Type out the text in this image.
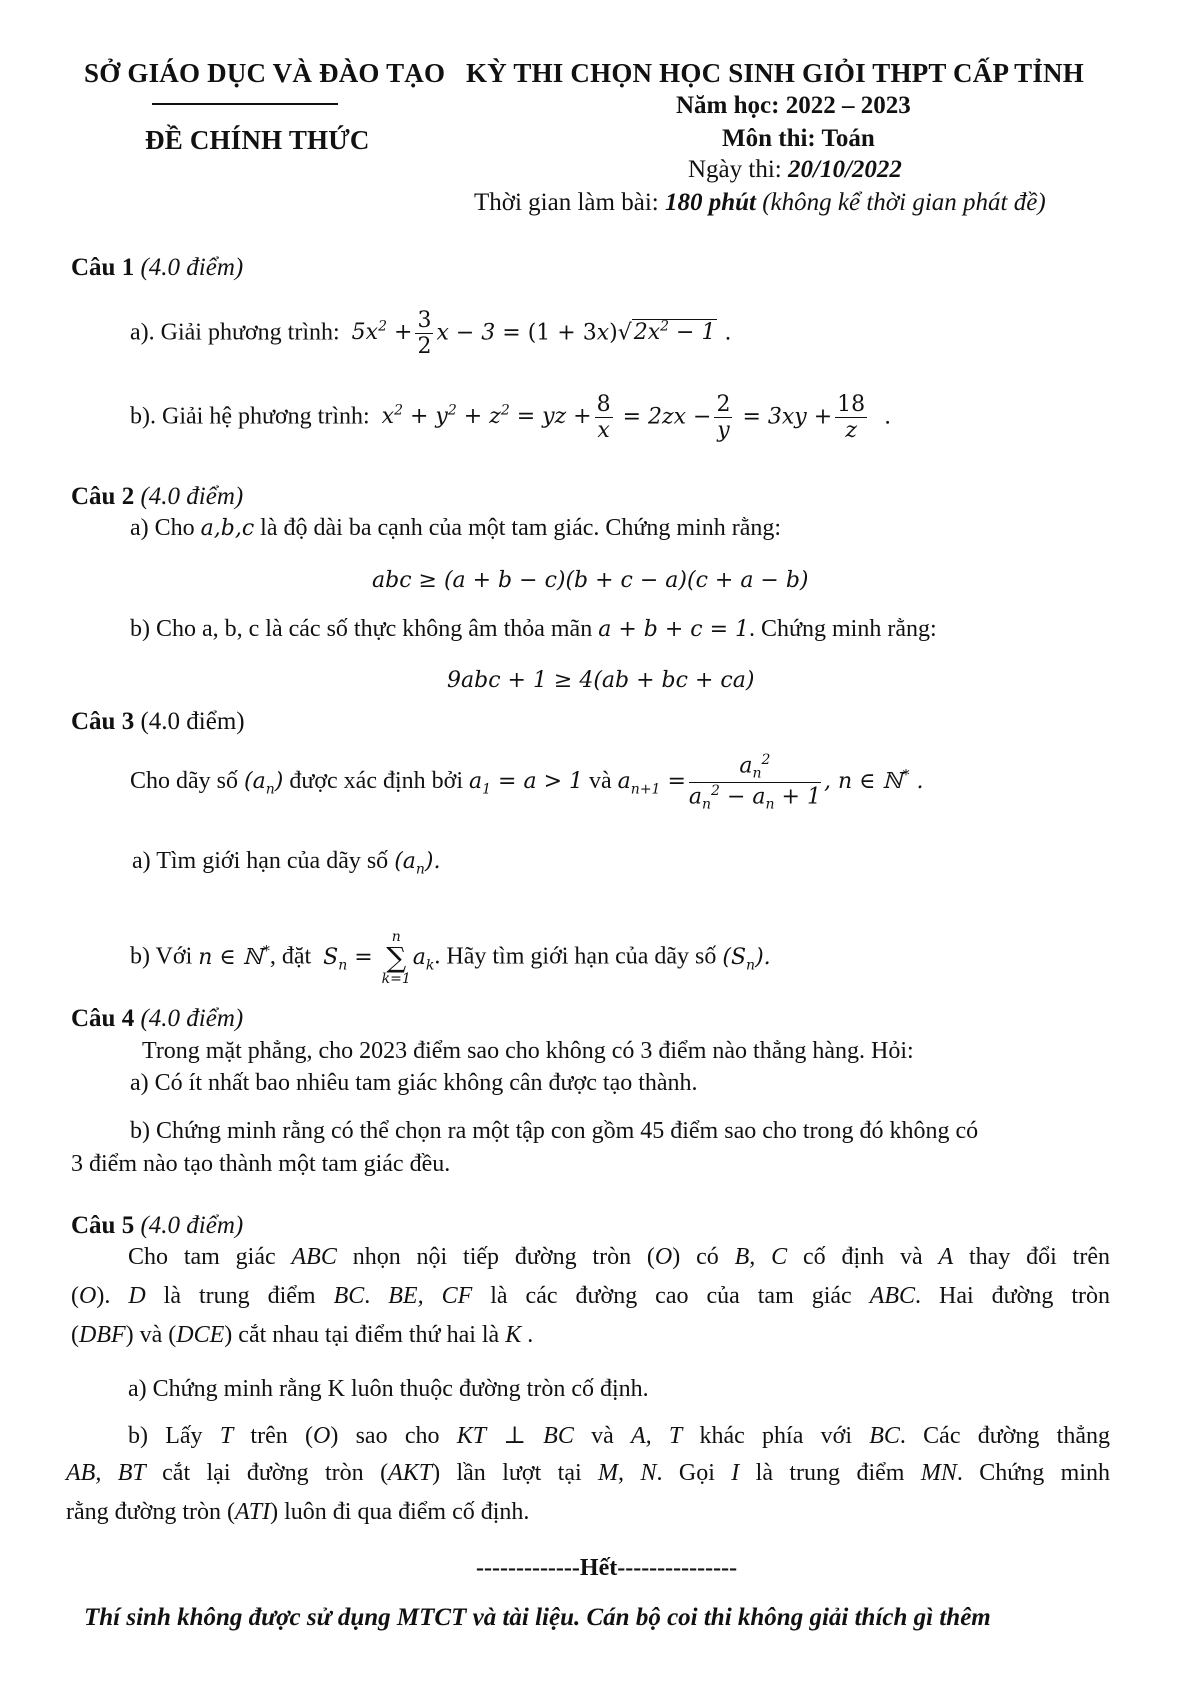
SỞ GIÁO DỤC VÀ ĐÀO TẠO KỲ THI CHỌN HỌC SINH GIỎI THPT CẤP TỈNH
Năm học: 2022 – 2023
ĐỀ CHÍNH THỨC	Môn thi: Toán
Ngày thi: 20/10/2022
Thời gian làm bài: 180 phút (không kể thời gian phát đề)
Câu 1 (4.0 điểm)
a). Giải phương trình: $5x^2 + \frac{3}{2}$ $x - 3 = (1 + 3x)√2x^2 - 1$ .
b). Giải hệ phương trình: $x^2 + y^2 + z^2$ = yz + $\frac{8}{x} = 2zx - \frac{2}{y} = 3xy + \frac{18}{z}$ .
Câu 2 (4.0 điểm)
a) Cho a,b,c là độ dài ba cạnh của một tam giác. Chứng minh rằng:
abc ≥ (a + b − c)(b + c − a)(c + a − b)
b) Cho a, b, c là các số thực không âm thỏa mãn a + b + c = 1. Chứng minh rằng:
9abc + 1 ≥ 4(ab + bc + ca)
Câu 3 (4.0 điểm)
Cho dãy số $(a_n)$ được xác định bởi $a_1 = a > 1$ và $a_{n+1} = \frac{a_n^2}{a_n^2 - a_n + 1}$ , n ∈ ℕ* .
a) Tìm giới hạn của dãy số $(a_n)$.
b) Với n ∈ ℕ*, đặt $S_n$ =
n
∑
k=1
$a_k$. Hãy tìm giới hạn của dãy số $(S_n)$.
Câu 4 (4.0 điểm)
Trong mặt phẳng, cho 2023 điểm sao cho không có 3 điểm nào thẳng hàng. Hỏi:
a) Có ít nhất bao nhiêu tam giác không cân được tạo thành.
b) Chứng minh rằng có thể chọn ra một tập con gồm 45 điểm sao cho trong đó không có
3 điểm nào tạo thành một tam giác đều.
Câu 5 (4.0 điểm)
Cho tam giác ABC nhọn nội tiếp đường tròn (O) có B, C cố định và A thay đổi trên
(O). D là trung điểm BC. BE, CF là các đường cao của tam giác ABC. Hai đường tròn
(DBF) và (DCE) cắt nhau tại điểm thứ hai là K .
a) Chứng minh rằng K luôn thuộc đường tròn cố định.
b) Lấy T trên (O) sao cho KT ⊥ BC và A, T khác phía với BC. Các đường thẳng
AB, BT cắt lại đường tròn (AKT) lần lượt tại M, N. Gọi I là trung điểm MN. Chứng minh
rằng đường tròn (ATI) luôn đi qua điểm cố định.
-------------Hết---------------
Thí sinh không được sử dụng MTCT và tài liệu. Cán bộ coi thi không giải thích gì thêm
